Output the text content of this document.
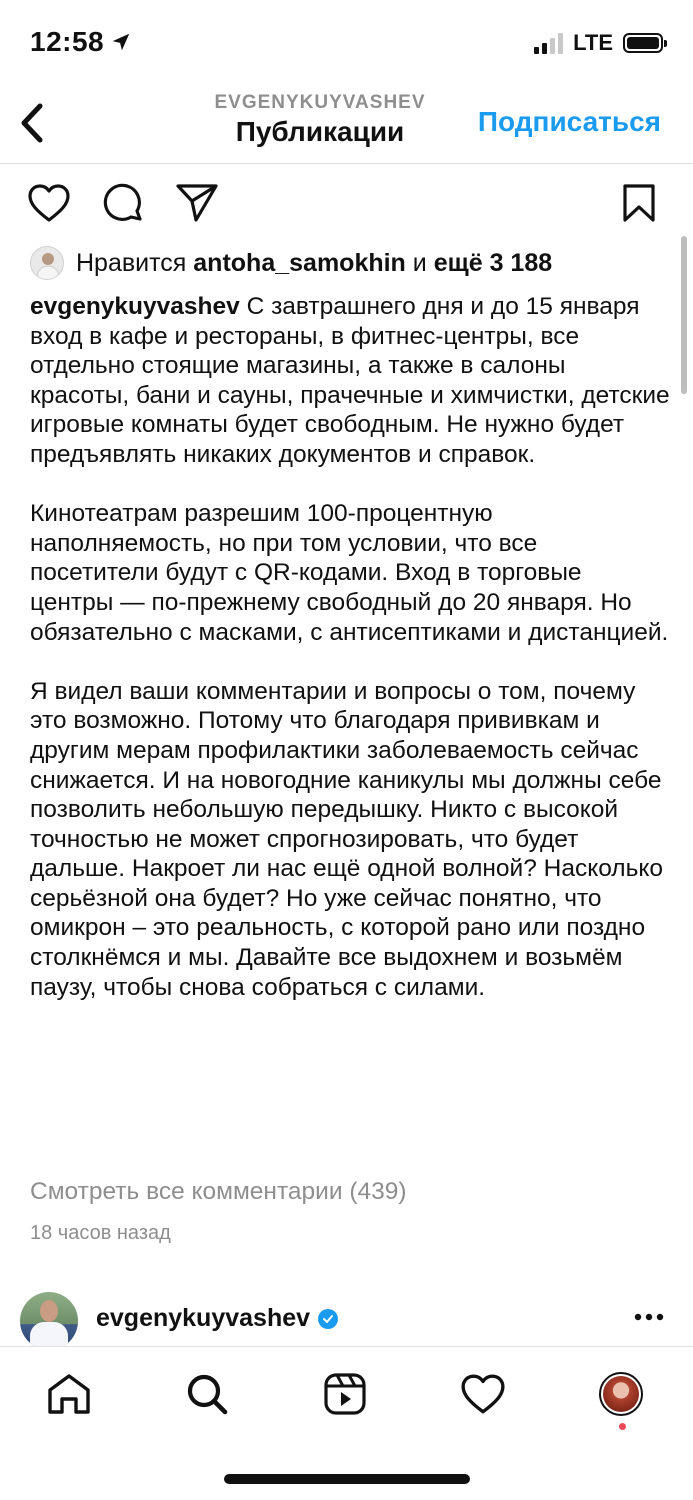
12:58	LTE
EVGENYKUYVASHEV
Публикации	Подписаться
Нравится antoha_samokhin и ещё 3 188

evgenykuyvashev С завтрашнего дня и до 15 января вход в кафе и рестораны, в фитнес-центры, все отдельно стоящие магазины, а также в салоны красоты, бани и сауны, прачечные и химчистки, детские игровые комнаты будет свободным. Не нужно будет предъявлять никаких документов и справок.

Кинотеатрам разрешим 100-процентную наполняемость, но при том условии, что все посетители будут с QR-кодами. Вход в торговые центры — по-прежнему свободный до 20 января. Но обязательно с масками, с антисептиками и дистанцией.

Я видел ваши комментарии и вопросы о том, почему это возможно. Потому что благодаря прививкам и другим мерам профилактики заболеваемость сейчас снижается. И на новогодние каникулы мы должны себе позволить небольшую передышку. Никто с высокой точностью не может спрогнозировать, что будет дальше. Накроет ли нас ещё одной волной? Насколько серьёзной она будет? Но уже сейчас понятно, что омикрон – это реальность, с которой рано или поздно столкнёмся и мы. Давайте все выдохнем и возьмём паузу, чтобы снова собраться с силами.

Смотреть все комментарии (439)
18 часов назад
evgenykuyvashev
